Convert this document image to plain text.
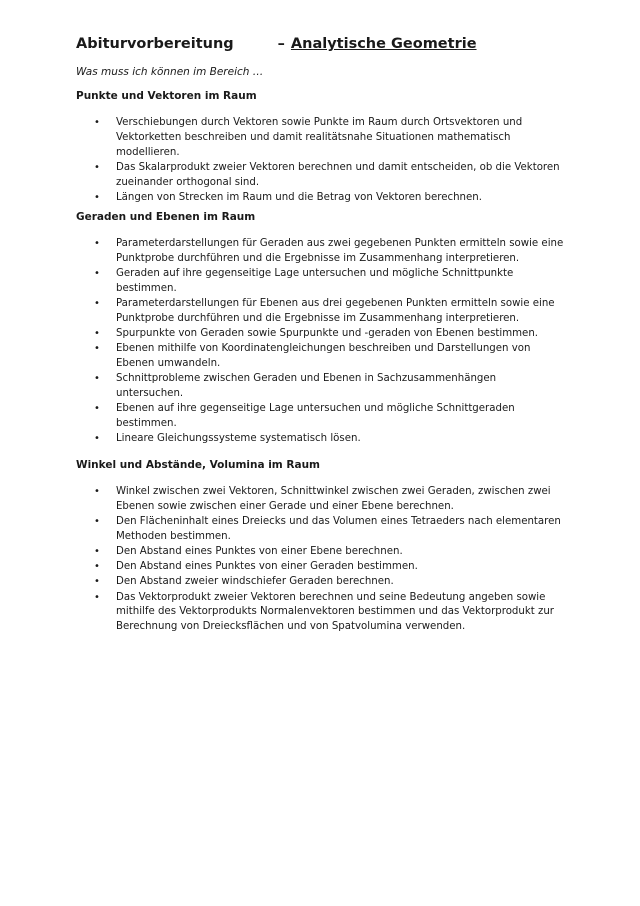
Abiturvorbereitung	– Analytische Geometrie
Was muss ich können im Bereich …
Punkte und Vektoren im Raum
• Verschiebungen durch Vektoren sowie Punkte im Raum durch Ortsvektoren und Vektorketten beschreiben und damit realitätsnahe Situationen mathematisch modellieren.
• Das Skalarprodukt zweier Vektoren berechnen und damit entscheiden, ob die Vektoren zueinander orthogonal sind.
• Längen von Strecken im Raum und die Betrag von Vektoren berechnen.
Geraden und Ebenen im Raum
• Parameterdarstellungen für Geraden aus zwei gegebenen Punkten ermitteln sowie eine Punktprobe durchführen und die Ergebnisse im Zusammenhang interpretieren.
• Geraden auf ihre gegenseitige Lage untersuchen und mögliche Schnittpunkte bestimmen.
• Parameterdarstellungen für Ebenen aus drei gegebenen Punkten ermitteln sowie eine Punktprobe durchführen und die Ergebnisse im Zusammenhang interpretieren.
• Spurpunkte von Geraden sowie Spurpunkte und -geraden von Ebenen bestimmen.
• Ebenen mithilfe von Koordinatengleichungen beschreiben und Darstellungen von Ebenen umwandeln.
• Schnittprobleme zwischen Geraden und Ebenen in Sachzusammenhängen untersuchen.
• Ebenen auf ihre gegenseitige Lage untersuchen und mögliche Schnittgeraden bestimmen.
• Lineare Gleichungssysteme systematisch lösen.
Winkel und Abstände, Volumina im Raum
• Winkel zwischen zwei Vektoren, Schnittwinkel zwischen zwei Geraden, zwischen zwei Ebenen sowie zwischen einer Gerade und einer Ebene berechnen.
• Den Flächeninhalt eines Dreiecks und das Volumen eines Tetraeders nach elementaren Methoden bestimmen.
• Den Abstand eines Punktes von einer Ebene berechnen.
• Den Abstand eines Punktes von einer Geraden bestimmen.
• Den Abstand zweier windschiefer Geraden berechnen.
• Das Vektorprodukt zweier Vektoren berechnen und seine Bedeutung angeben sowie mithilfe des Vektorprodukts Normalenvektoren bestimmen und das Vektorprodukt zur Berechnung von Dreiecksflächen und von Spatvolumina verwenden.
